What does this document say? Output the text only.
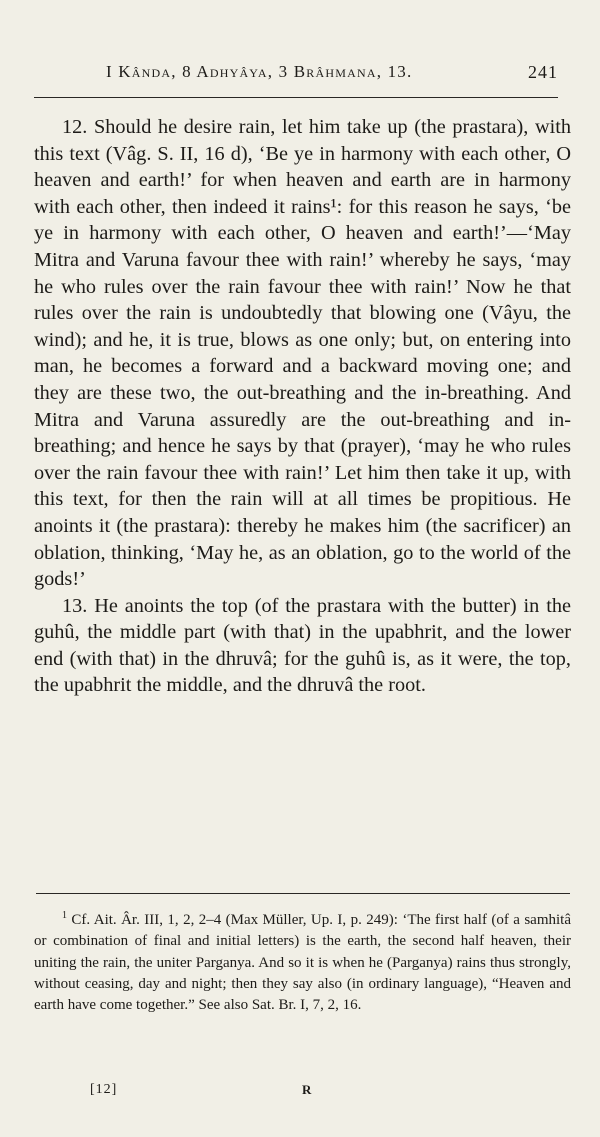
I Kânda, 8 Adhyâya, 3 Brâhmana, 13.	241

12. Should he desire rain, let him take up (the prastara), with this text (Vâg. S. II, 16 d), ‘Be ye in harmony with each other, O heaven and earth!’ for when heaven and earth are in harmony with each other, then indeed it rains¹: for this reason he says, ‘be ye in harmony with each other, O heaven and earth!’—‘May Mitra and Varuna favour thee with rain!’ whereby he says, ‘may he who rules over the rain favour thee with rain!’ Now he that rules over the rain is undoubtedly that blowing one (Vâyu, the wind); and he, it is true, blows as one only; but, on entering into man, he becomes a forward and a backward moving one; and they are these two, the out-breathing and the in-breathing. And Mitra and Varuna assuredly are the out-breathing and in-breathing; and hence he says by that (prayer), ‘may he who rules over the rain favour thee with rain!’ Let him then take it up, with this text, for then the rain will at all times be propitious. He anoints it (the prastara): thereby he makes him (the sacrificer) an oblation, thinking, ‘May he, as an oblation, go to the world of the gods!’

13. He anoints the top (of the prastara with the butter) in the guhû, the middle part (with that) in the upabhrit, and the lower end (with that) in the dhruvâ; for the guhû is, as it were, the top, the upabhrit the middle, and the dhruvâ the root.

$^1$ Cf. Ait. Âr. III, 1, 2, 2–4 (Max Müller, Up. I, p. 249): ‘The first half (of a samhitâ or combination of final and initial letters) is the earth, the second half heaven, their uniting the rain, the uniter Parganya. And so it is when he (Parganya) rains thus strongly, without ceasing, day and night; then they say also (in ordinary language), “Heaven and earth have come together.” See also Sat. Br. I, 7, 2, 16.

[12]	R
